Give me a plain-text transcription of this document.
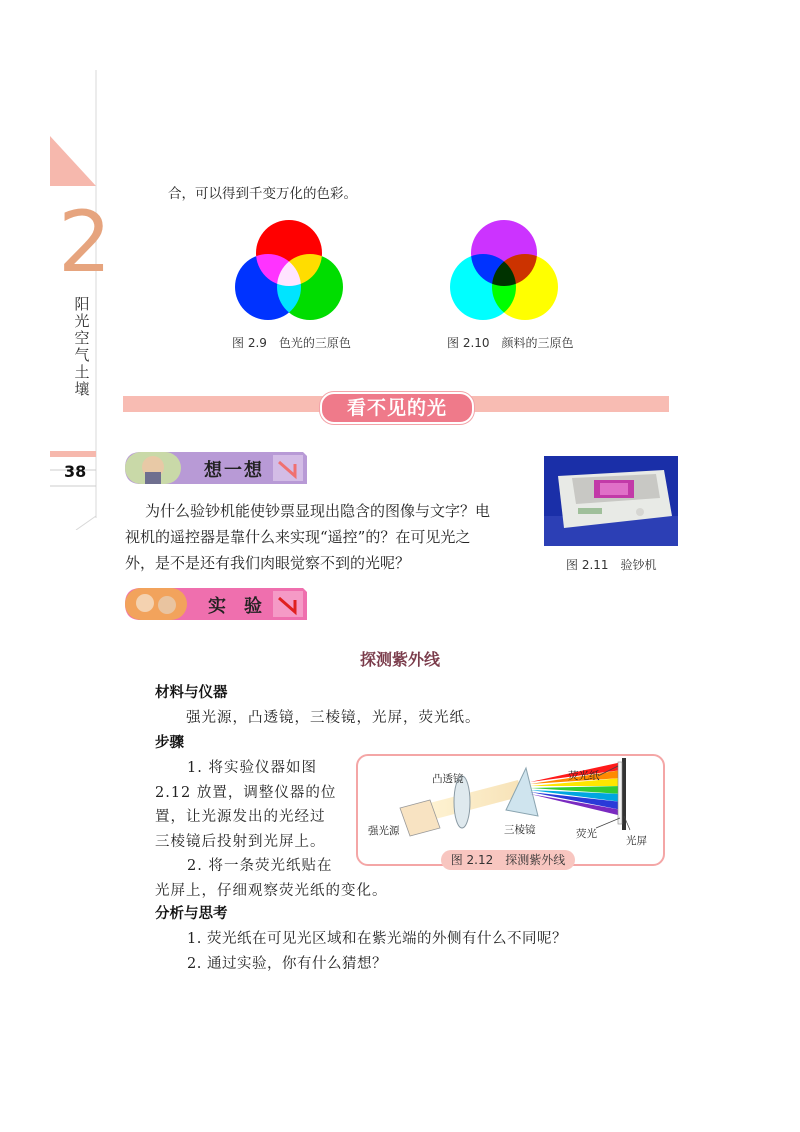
2
阳光 空气 土壤
38
合，可以得到千变万化的色彩。
图 2.9　色光的三原色	图 2.10　颜料的三原色
看不见的光
想一想
为什么验钞机能使钞票显现出隐含的图像与文字？电
视机的遥控器是靠什么来实现“遥控”的？在可见光之
外，是不是还有我们肉眼觉察不到的光呢？	图 2.11　验钞机
实　验
探测紫外线
材料与仪器
强光源，凸透镜，三棱镜，光屏，荧光纸。
步骤
1. 将实验仪器如图
2.12 放置，调整仪器的位
置，让光源发出的光经过
三棱镜后投射到光屏上。
2. 将一条荧光纸贴在
光屏上，仔细观察荧光纸的变化。
分析与思考
1. 荧光纸在可见光区域和在紫光端的外侧有什么不同呢？
2. 通过实验，你有什么猜想？
凸透镜	荧光纸
强光源	三棱镜	荧光
光屏
图 2.12　探测紫外线
